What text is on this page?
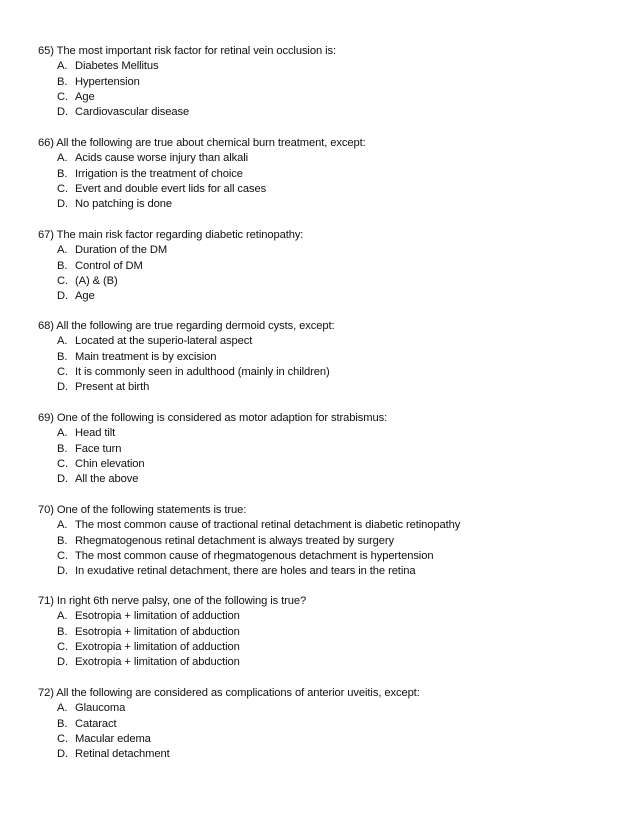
65) The most important risk factor for retinal vein occlusion is:
A. Diabetes Mellitus
B. Hypertension
C. Age
D. Cardiovascular disease
66) All the following are true about chemical burn treatment, except:
A. Acids cause worse injury than alkali
B. Irrigation is the treatment of choice
C. Evert and double evert lids for all cases
D. No patching is done
67) The main risk factor regarding diabetic retinopathy:
A. Duration of the DM
B. Control of DM
C. (A) & (B)
D. Age
68) All the following are true regarding dermoid cysts, except:
A. Located at the superio-lateral aspect
B. Main treatment is by excision
C. It is commonly seen in adulthood (mainly in children)
D. Present at birth
69) One of the following is considered as motor adaption for strabismus:
A. Head tilt
B. Face turn
C. Chin elevation
D. All the above
70) One of the following statements is true:
A. The most common cause of tractional retinal detachment is diabetic retinopathy
B. Rhegmatogenous retinal detachment is always treated by surgery
C. The most common cause of rhegmatogenous detachment is hypertension
D. In exudative retinal detachment, there are holes and tears in the retina
71) In right 6th nerve palsy, one of the following is true?
A. Esotropia + limitation of adduction
B. Esotropia + limitation of abduction
C. Exotropia + limitation of adduction
D. Exotropia + limitation of abduction
72) All the following are considered as complications of anterior uveitis, except:
A. Glaucoma
B. Cataract
C. Macular edema
D. Retinal detachment
